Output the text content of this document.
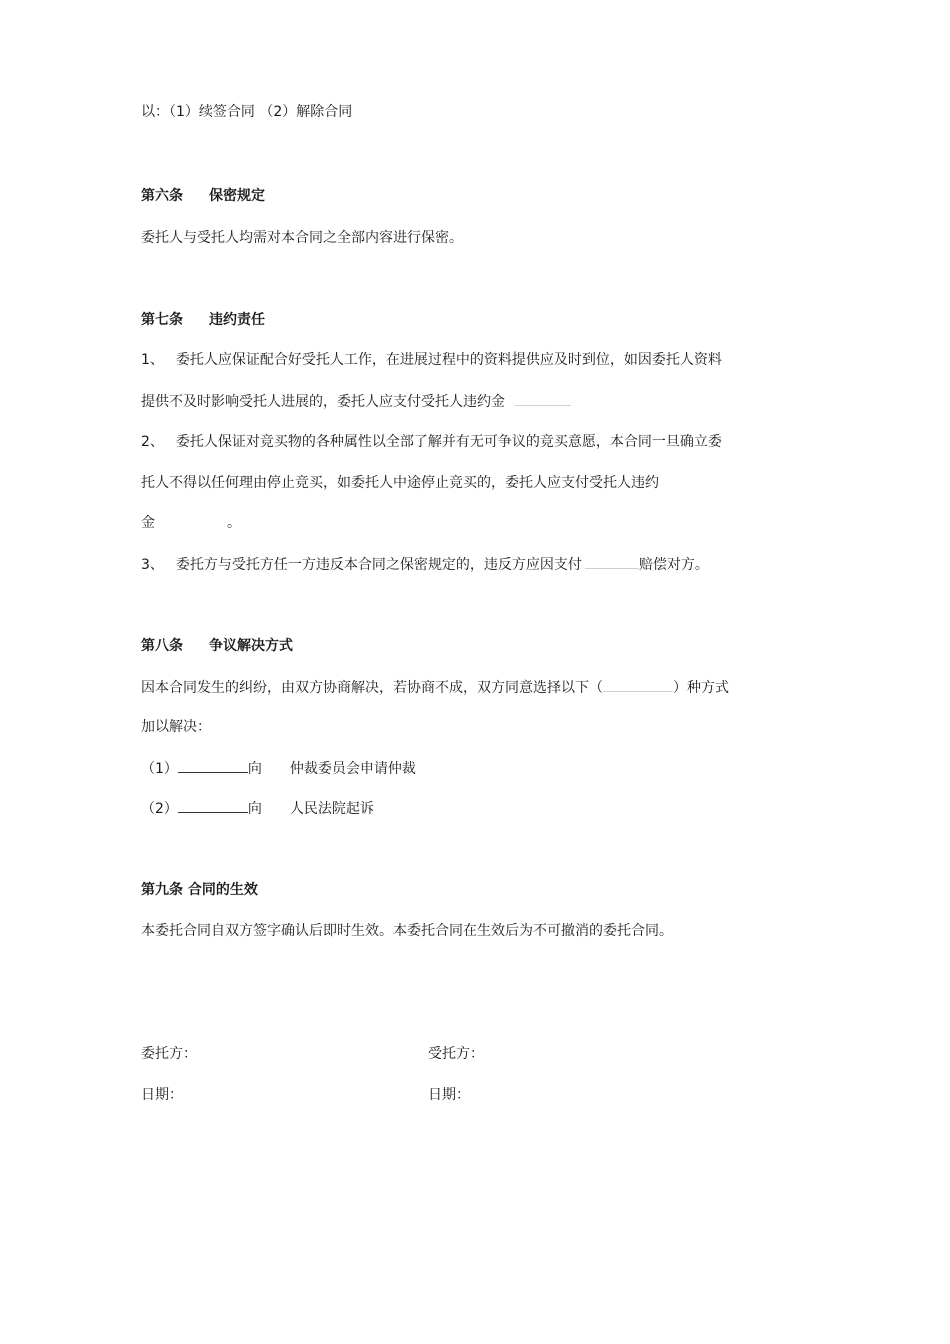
以：（1）续签合同 （2）解除合同
第六条 保密规定
委托人与受托人均需对本合同之全部内容进行保密。
第七条 违约责任
1、 委托人应保证配合好受托人工作，在进展过程中的资料提供应及时到位，如因委托人资料
提供不及时影响受托人进展的，委托人应支付受托人违约金
2、 委托人保证对竞买物的各种属性以全部了解并有无可争议的竞买意愿，本合同一旦确立委
托人不得以任何理由停止竞买，如委托人中途停止竞买的，委托人应支付受托人违约
金	。
3、 委托方与受托方任一方违反本合同之保密规定的，违反方应因支付	赔偿对方。
第八条 争议解决方式
因本合同发生的纠纷，由双方协商解决，若协商不成，双方同意选择以下（	）种方式
加以解决：
（1）	向 仲裁委员会申请仲裁
（2）	向 人民法院起诉
第九条 合同的生效
本委托合同自双方签字确认后即时生效。本委托合同在生效后为不可撤消的委托合同。
委托方：	受托方：
日期：	日期：
